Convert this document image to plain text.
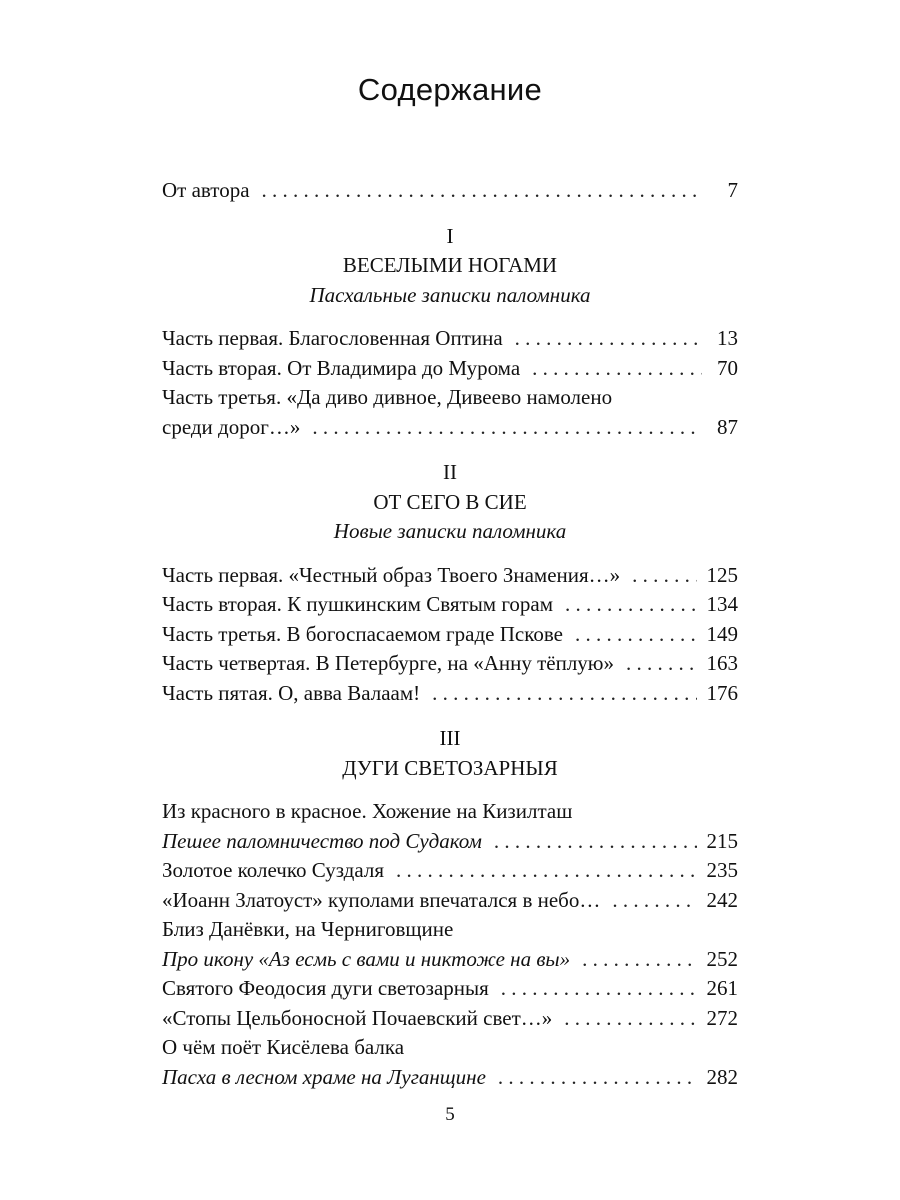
Содержание
От автора . . .	7
I
ВЕСЕЛЫМИ НОГАМИ
Пасхальные записки паломника
Часть первая. Благословенная Оптина . . .	13
Часть вторая. От Владимира до Мурома . . .	70
Часть третья. «Да диво дивное, Дивеево намолено
среди дорог…» . . .	87
II
ОТ СЕГО В СИЕ
Новые записки паломника
Часть первая. «Честный образ Твоего Знамения…» . . .	125
Часть вторая. К пушкинским Святым горам . . .	134
Часть третья. В богоспасаемом граде Пскове . . .	149
Часть четвертая. В Петербурге, на «Анну тёплую» . . .	163
Часть пятая. О, авва Валаам! . . .	176
III
ДУГИ СВЕТОЗАРНЫЯ
Из красного в красное. Хожение на Кизилташ
Пешее паломничество под Судаком . . .	215
Золотое колечко Суздаля . . .	235
«Иоанн Златоуст» куполами впечатался в небо… . . .	242
Близ Данёвки, на Черниговщине
Про икону «Аз есмь с вами и никтоже на вы» . . .	252
Святого Феодосия дуги светозарныя . . .	261
«Стопы Цельбоносной Почаевский свет…» . . .	272
О чём поёт Кисёлева балка
Пасха в лесном храме на Луганщине . . .	282
5
